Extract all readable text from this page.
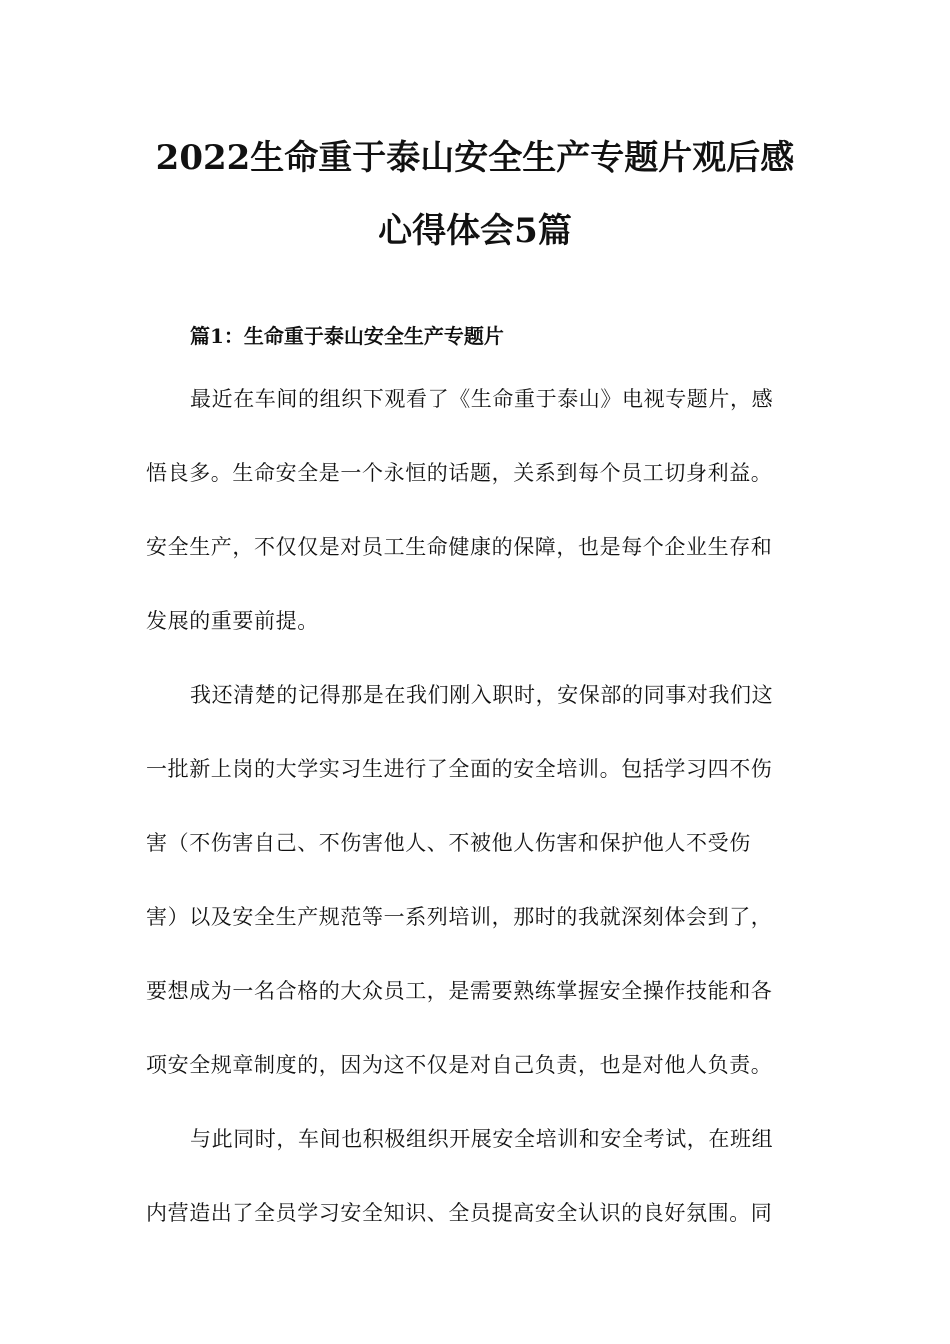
2022生命重于泰山安全生产专题片观后感
心得体会5篇
篇1：生命重于泰山安全生产专题片
最近在车间的组织下观看了《生命重于泰山》电视专题片，感
悟良多。生命安全是一个永恒的话题，关系到每个员工切身利益。
安全生产，不仅仅是对员工生命健康的保障，也是每个企业生存和
发展的重要前提。
我还清楚的记得那是在我们刚入职时，安保部的同事对我们这
一批新上岗的大学实习生进行了全面的安全培训。包括学习四不伤
害（不伤害自己、不伤害他人、不被他人伤害和保护他人不受伤
害）以及安全生产规范等一系列培训，那时的我就深刻体会到了，
要想成为一名合格的大众员工，是需要熟练掌握安全操作技能和各
项安全规章制度的，因为这不仅是对自己负责，也是对他人负责。
与此同时，车间也积极组织开展安全培训和安全考试，在班组
内营造出了全员学习安全知识、全员提高安全认识的良好氛围。同
